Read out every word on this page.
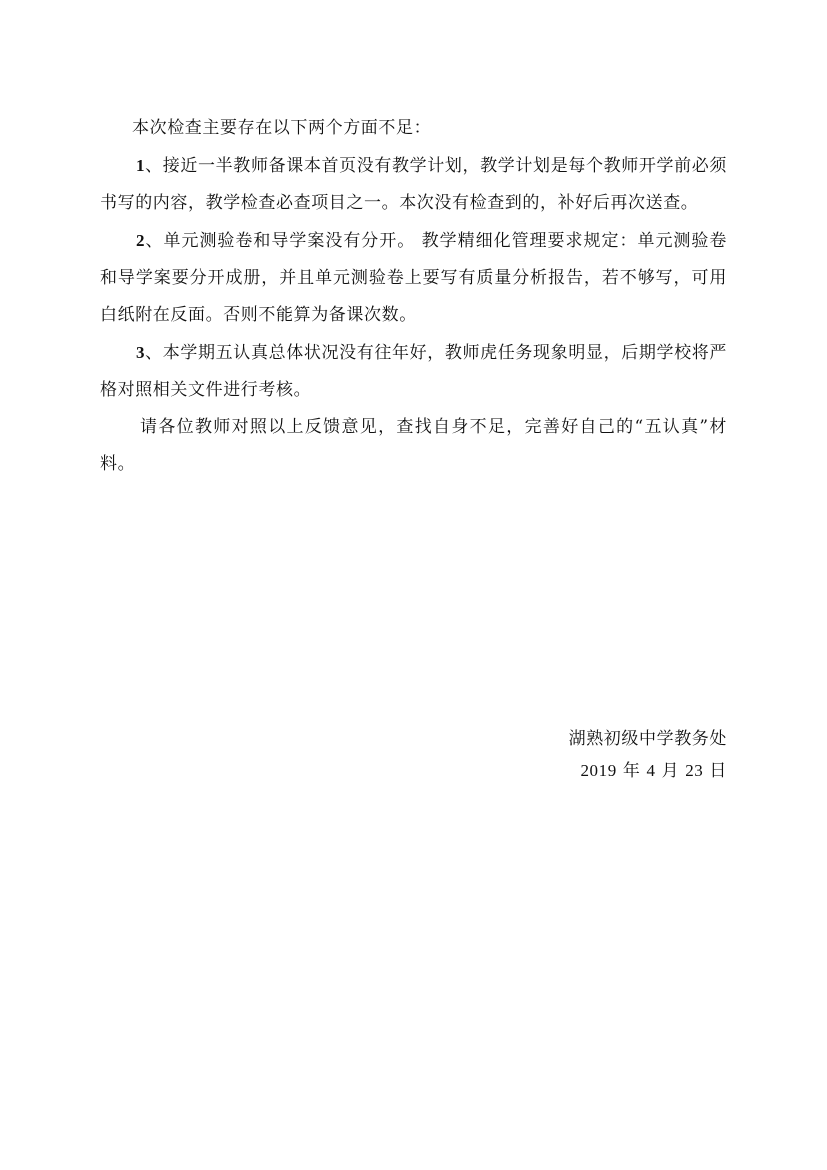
本次检查主要存在以下两个方面不足：

1、接近一半教师备课本首页没有教学计划，教学计划是每个教师开学前必须书写的内容，教学检查必查项目之一。本次没有检查到的，补好后再次送查。

2、单元测验卷和导学案没有分开。 教学精细化管理要求规定：单元测验卷和导学案要分开成册，并且单元测验卷上要写有质量分析报告，若不够写，可用白纸附在反面。否则不能算为备课次数。

3、本学期五认真总体状况没有往年好，教师虎任务现象明显，后期学校将严格对照相关文件进行考核。

请各位教师对照以上反馈意见，查找自身不足，完善好自己的“五认真”材料。

湖熟初级中学教务处
2019 年 4 月 23 日
